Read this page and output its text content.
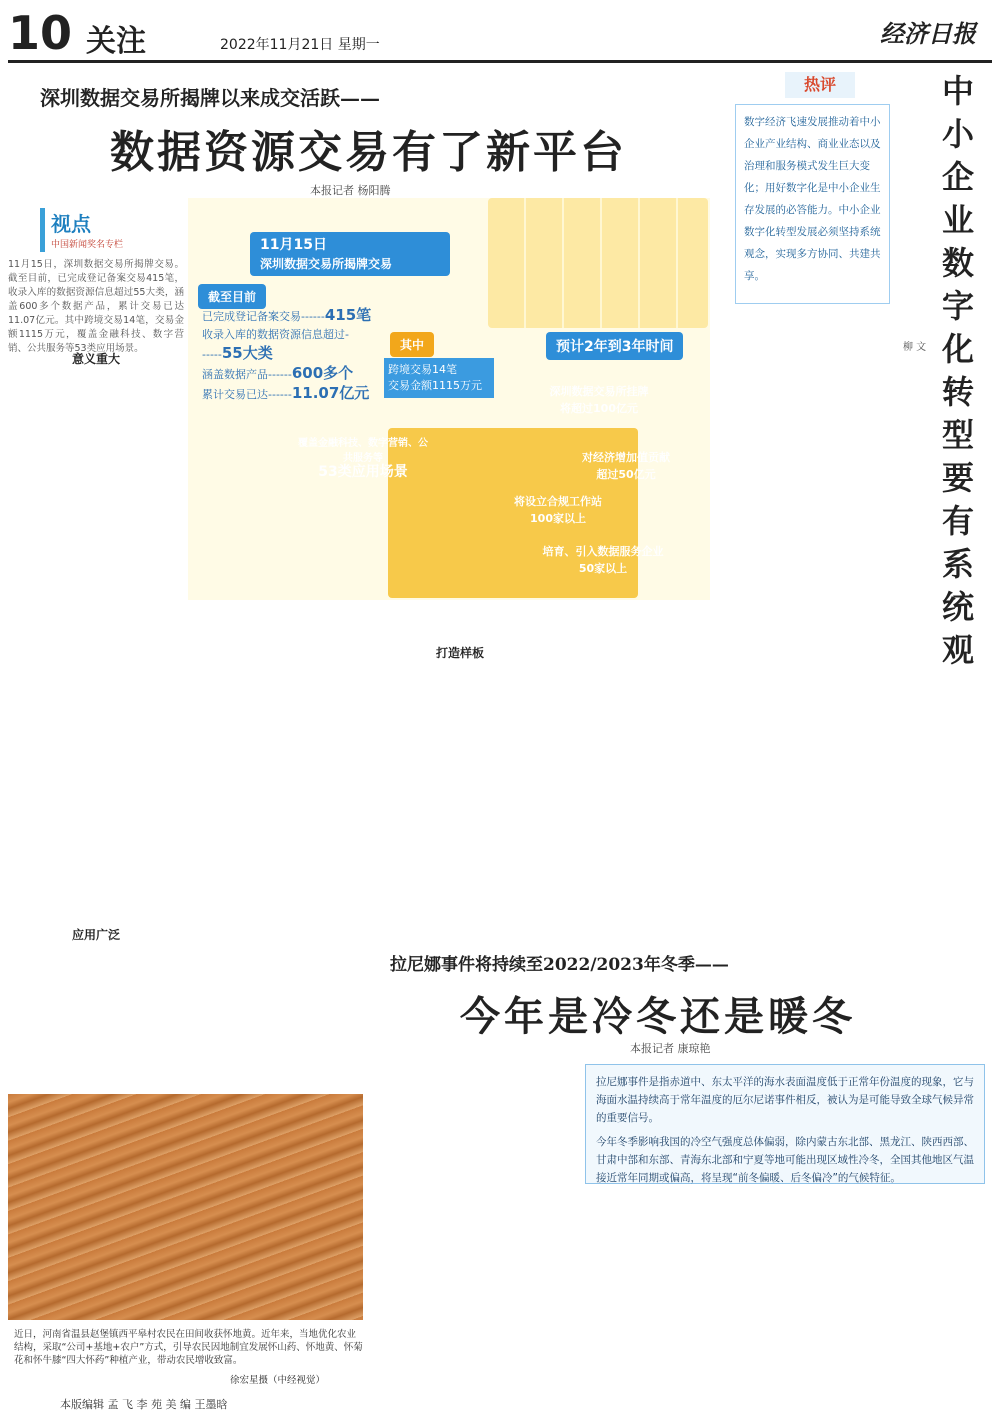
10 关注	2022年11月21日 星期一	经济日报
深圳数据交易所揭牌以来成交活跃——
数据资源交易有了新平台
本报记者 杨阳腾
视点
中国新闻奖名专栏
11月15日，深圳数据交易所揭牌交易。截至目前，已完成登记备案交易415笔，收录入库的数据资源信息超过55大类，涵盖600多个数据产品，累计交易已达11.07亿元。其中跨境交易14笔，交易金额1115万元，覆盖金融科技、数字营销、公共服务等53类应用场景。
意义重大
应用广泛
打造样板
11月15日
深圳数据交易所揭牌交易
截至目前
已完成登记备案交易------415笔
收录入库的数据资源信息超过------55大类
涵盖数据产品------600多个
累计交易已达------11.07亿元
其中
跨境交易14笔
交易金额1115万元
预计2年到3年时间
覆盖金融科技、数字营销、公共服务等
53类应用场景
深圳数据交易所挂牌
将超过100亿元
对经济增加值贡献
超过50亿元
将设立合规工作站
100家以上
培育、引入数据服务企业
50家以上
热评
数字经济飞速发展推动着中小企业产业结构、商业业态以及治理和服务模式发生巨大变化；用好数字化是中小企业生存发展的必答能力。中小企业数字化转型发展必须坚持系统观念，实现多方协同、共建共享。
中小企业数字化转型要有系统观
柳 文
拉尼娜事件将持续至2022/2023年冬季——
今年是冷冬还是暖冬
本报记者 康琼艳

拉尼娜事件是指赤道中、东太平洋的海水表面温度低于正常年份温度的现象，它与海面水温持续高于常年温度的厄尔尼诺事件相反，被认为是可能导致全球气候异常的重要信号。

今年冬季影响我国的冷空气强度总体偏弱，除内蒙古东北部、黑龙江、陕西西部、甘肃中部和东部、青海东北部和宁夏等地可能出现区域性冷冬，全国其他地区气温接近常年同期或偏高，将呈现“前冬偏暖、后冬偏冷”的气候特征。

近日，河南省温县赵堡镇西平皋村农民在田间收获怀地黄。近年来，当地优化农业结构，采取“公司+基地+农户”方式，引导农民因地制宜发展怀山药、怀地黄、怀菊花和怀牛膝“四大怀药”种植产业，带动农民增收致富。
徐宏星摄（中经视觉）
本版编辑 孟 飞 李 苑 美 编 王墨晗
